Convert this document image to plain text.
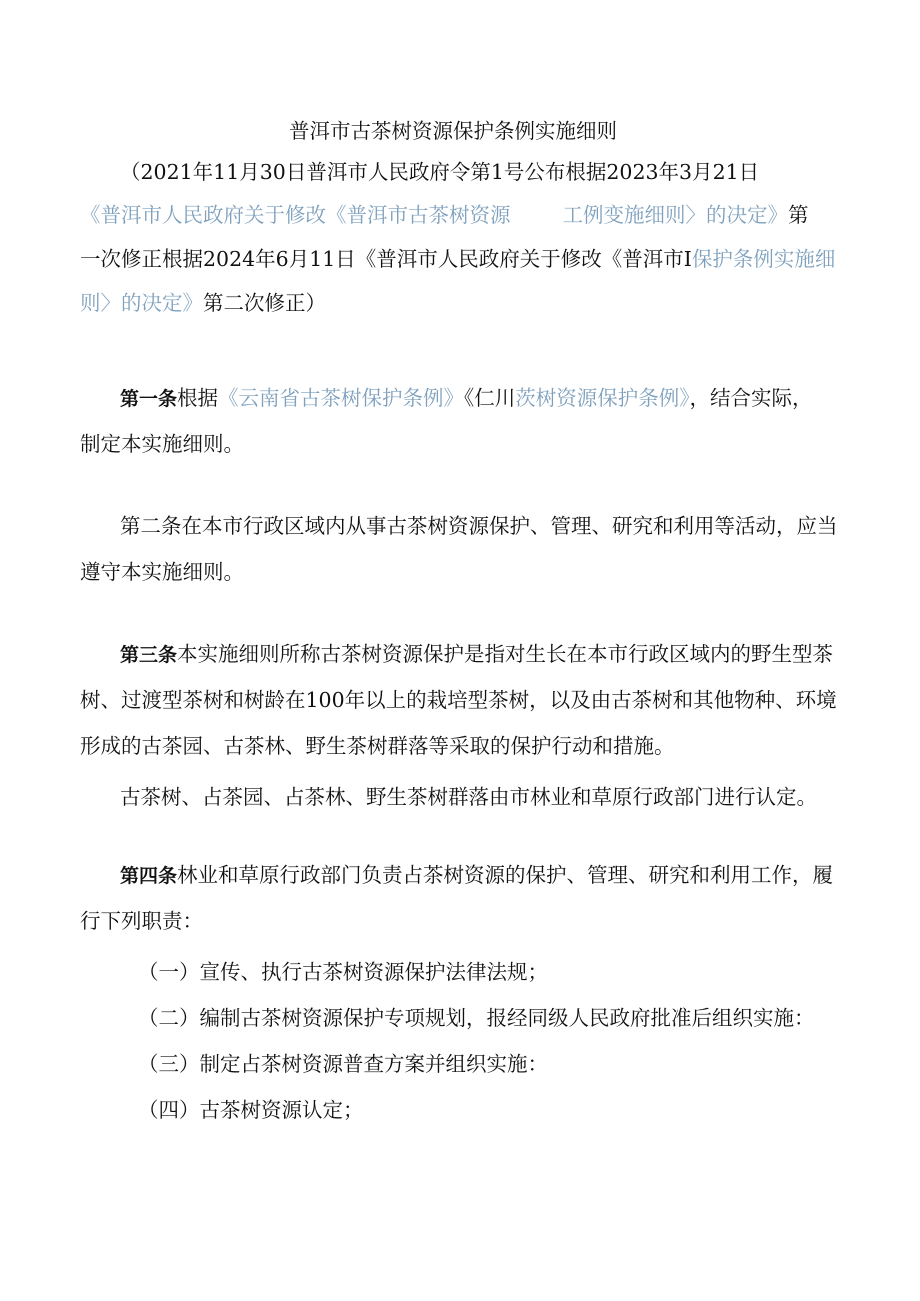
普洱市古茶树资源保护条例实施细则
（2021年11月30日普洱市人民政府令第1号公布根据2023年3月21日
《普洱市人民政府关于修改《普洱市古茶树资源	工例变施细则〉的决定》第
一次修正根据2024年6月11日《普洱市人民政府关于修改《普洱市I保护条例实施细
则〉的决定》第二次修正）
第一条根据《云南省古茶树保护条例》《仁川茨树资源保护条例》，结合实际，
制定本实施细则。
第二条在本市行政区域内从事古茶树资源保护、管理、研究和利用等活动，应当
遵守本实施细则。
第三条本实施细则所称古茶树资源保护是指对生长在本市行政区域内的野生型茶
树、过渡型茶树和树龄在100年以上的栽培型茶树，以及由古茶树和其他物种、环境
形成的古茶园、古茶林、野生茶树群落等采取的保护行动和措施。
古茶树、占茶园、占茶林、野生茶树群落由市林业和草原行政部门进行认定。
第四条林业和草原行政部门负责占茶树资源的保护、管理、研究和利用工作，履
行下列职责：
（一）宣传、执行古茶树资源保护法律法规；
（二）编制古茶树资源保护专项规划，报经同级人民政府批准后组织实施：
（三）制定占茶树资源普查方案并组织实施：
（四）古茶树资源认定；
